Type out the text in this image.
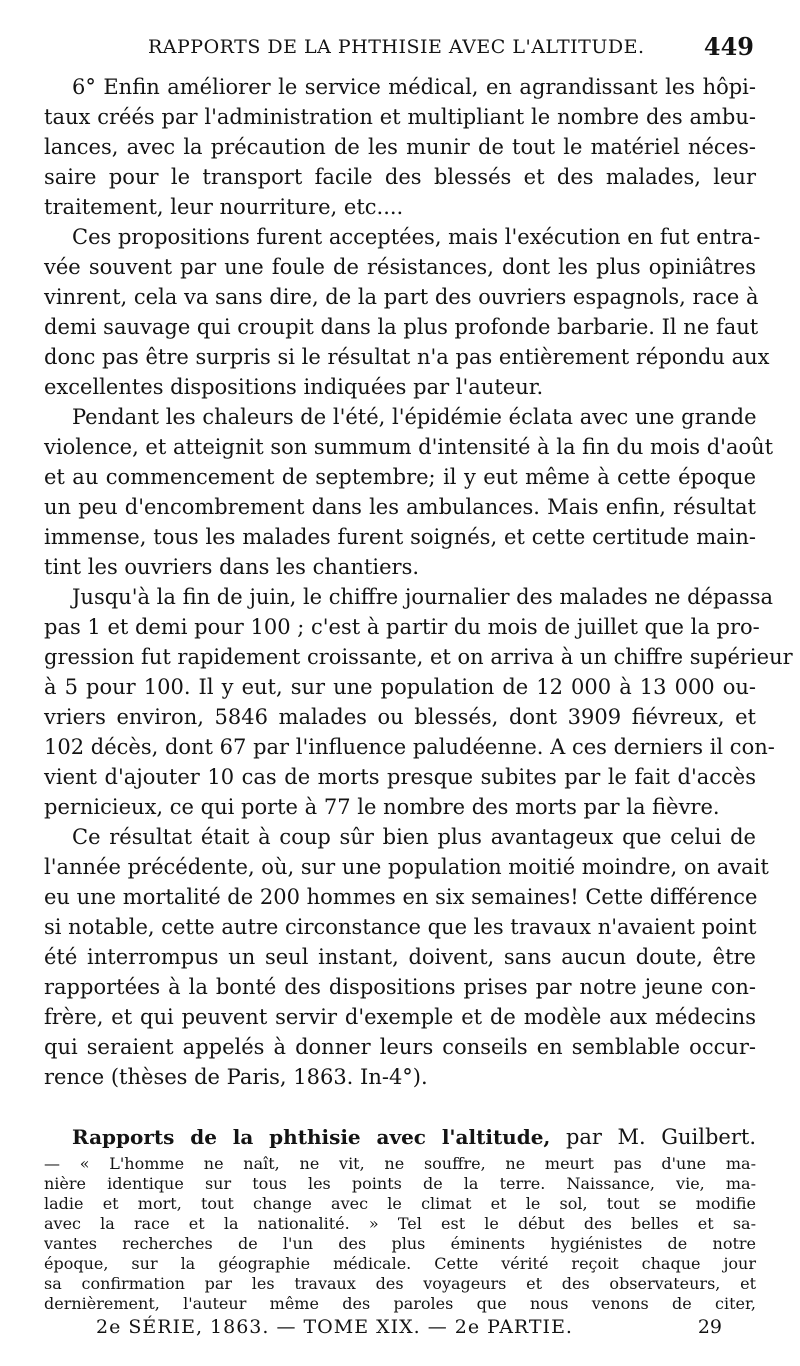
RAPPORTS DE LA PHTHISIE AVEC L'ALTITUDE. 449
6° Enfin améliorer le service médical, en agrandissant les hôpi-
taux créés par l'administration et multipliant le nombre des ambu-
lances, avec la précaution de les munir de tout le matériel néces-
saire pour le transport facile des blessés et des malades, leur
traitement, leur nourriture, etc....
Ces propositions furent acceptées, mais l'exécution en fut entra-
vée souvent par une foule de résistances, dont les plus opiniâtres
vinrent, cela va sans dire, de la part des ouvriers espagnols, race à
demi sauvage qui croupit dans la plus profonde barbarie. Il ne faut
donc pas être surpris si le résultat n'a pas entièrement répondu aux
excellentes dispositions indiquées par l'auteur.
Pendant les chaleurs de l'été, l'épidémie éclata avec une grande
violence, et atteignit son summum d'intensité à la fin du mois d'août
et au commencement de septembre; il y eut même à cette époque
un peu d'encombrement dans les ambulances. Mais enfin, résultat
immense, tous les malades furent soignés, et cette certitude main-
tint les ouvriers dans les chantiers.
Jusqu'à la fin de juin, le chiffre journalier des malades ne dépassa
pas 1 et demi pour 100 ; c'est à partir du mois de juillet que la pro-
gression fut rapidement croissante, et on arriva à un chiffre supérieur
à 5 pour 100. Il y eut, sur une population de 12 000 à 13 000 ou-
vriers environ, 5846 malades ou blessés, dont 3909 fiévreux, et
102 décès, dont 67 par l'influence paludéenne. A ces derniers il con-
vient d'ajouter 10 cas de morts presque subites par le fait d'accès
pernicieux, ce qui porte à 77 le nombre des morts par la fièvre.
Ce résultat était à coup sûr bien plus avantageux que celui de
l'année précédente, où, sur une population moitié moindre, on avait
eu une mortalité de 200 hommes en six semaines! Cette différence
si notable, cette autre circonstance que les travaux n'avaient point
été interrompus un seul instant, doivent, sans aucun doute, être
rapportées à la bonté des dispositions prises par notre jeune con-
frère, et qui peuvent servir d'exemple et de modèle aux médecins
qui seraient appelés à donner leurs conseils en semblable occur-
rence (thèses de Paris, 1863. In-4°).
Rapports de la phthisie avec l'altitude, par M. Guilbert.
— « L'homme ne naît, ne vit, ne souffre, ne meurt pas d'une ma-
nière identique sur tous les points de la terre. Naissance, vie, ma-
ladie et mort, tout change avec le climat et le sol, tout se modifie
avec la race et la nationalité. » Tel est le début des belles et sa-
vantes recherches de l'un des plus éminents hygiénistes de notre
époque, sur la géographie médicale. Cette vérité reçoit chaque jour
sa confirmation par les travaux des voyageurs et des observateurs, et
dernièrement, l'auteur même des paroles que nous venons de citer,
2e SÉRIE, 1863. — TOME XIX. — 2e PARTIE.	29
